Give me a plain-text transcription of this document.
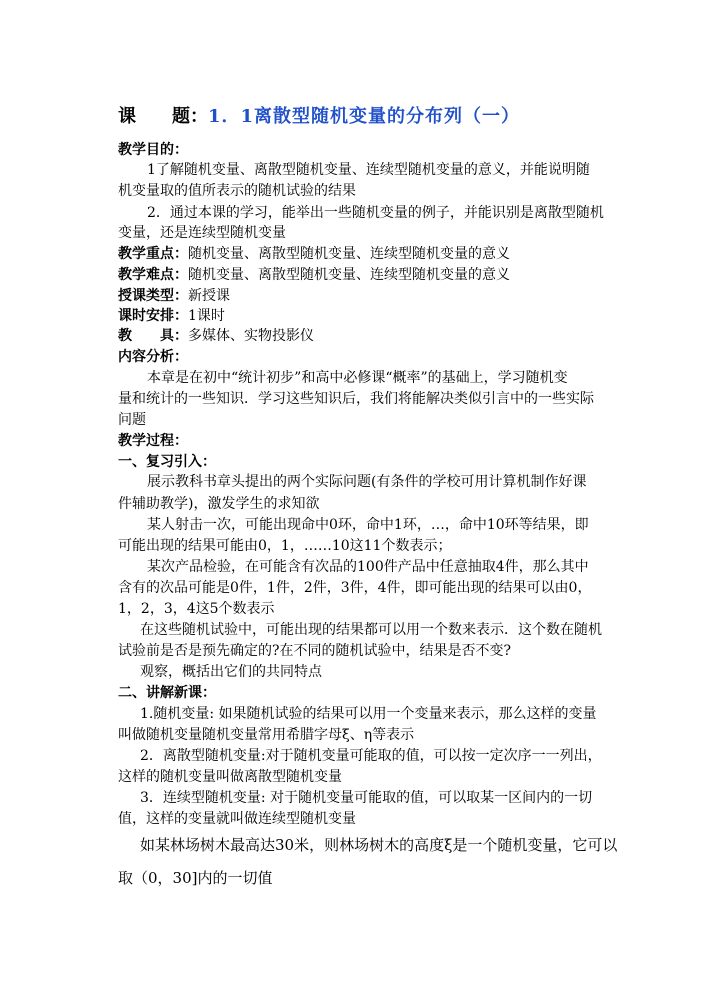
课　　题：1．1离散型随机变量的分布列（一）
教学目的：
1了解随机变量、离散型随机变量、连续型随机变量的意义，并能说明随
机变量取的值所表示的随机试验的结果
2．通过本课的学习，能举出一些随机变量的例子，并能识别是离散型随机
变量，还是连续型随机变量
教学重点：随机变量、离散型随机变量、连续型随机变量的意义
教学难点：随机变量、离散型随机变量、连续型随机变量的意义
授课类型：新授课
课时安排：1课时
教　　具：多媒体、实物投影仪
内容分析：
本章是在初中“统计初步”和高中必修课“概率”的基础上，学习随机变
量和统计的一些知识．学习这些知识后，我们将能解决类似引言中的一些实际
问题
教学过程：
一、复习引入：
展示教科书章头提出的两个实际问题(有条件的学校可用计算机制作好课
件辅助教学)，激发学生的求知欲
某人射击一次，可能出现命中0环，命中1环，…，命中10环等结果，即
可能出现的结果可能由0，1，……10这11个数表示；
某次产品检验，在可能含有次品的100件产品中任意抽取4件，那么其中
含有的次品可能是0件，1件，2件，3件，4件，即可能出现的结果可以由0，
1，2，3，4这5个数表示
在这些随机试验中，可能出现的结果都可以用一个数来表示．这个数在随机
试验前是否是预先确定的?在不同的随机试验中，结果是否不变?
观察，概括出它们的共同特点
二、讲解新课：
1.随机变量: 如果随机试验的结果可以用一个变量来表示，那么这样的变量
叫做随机变量随机变量常用希腊字母ξ、η等表示
2．离散型随机变量:对于随机变量可能取的值，可以按一定次序一一列出，
这样的随机变量叫做离散型随机变量
3．连续型随机变量: 对于随机变量可能取的值，可以取某一区间内的一切
值，这样的变量就叫做连续型随机变量
如某林场树木最高达30米，则林场树木的高度ξ是一个随机变量，它可以
取（0，30]内的一切值
